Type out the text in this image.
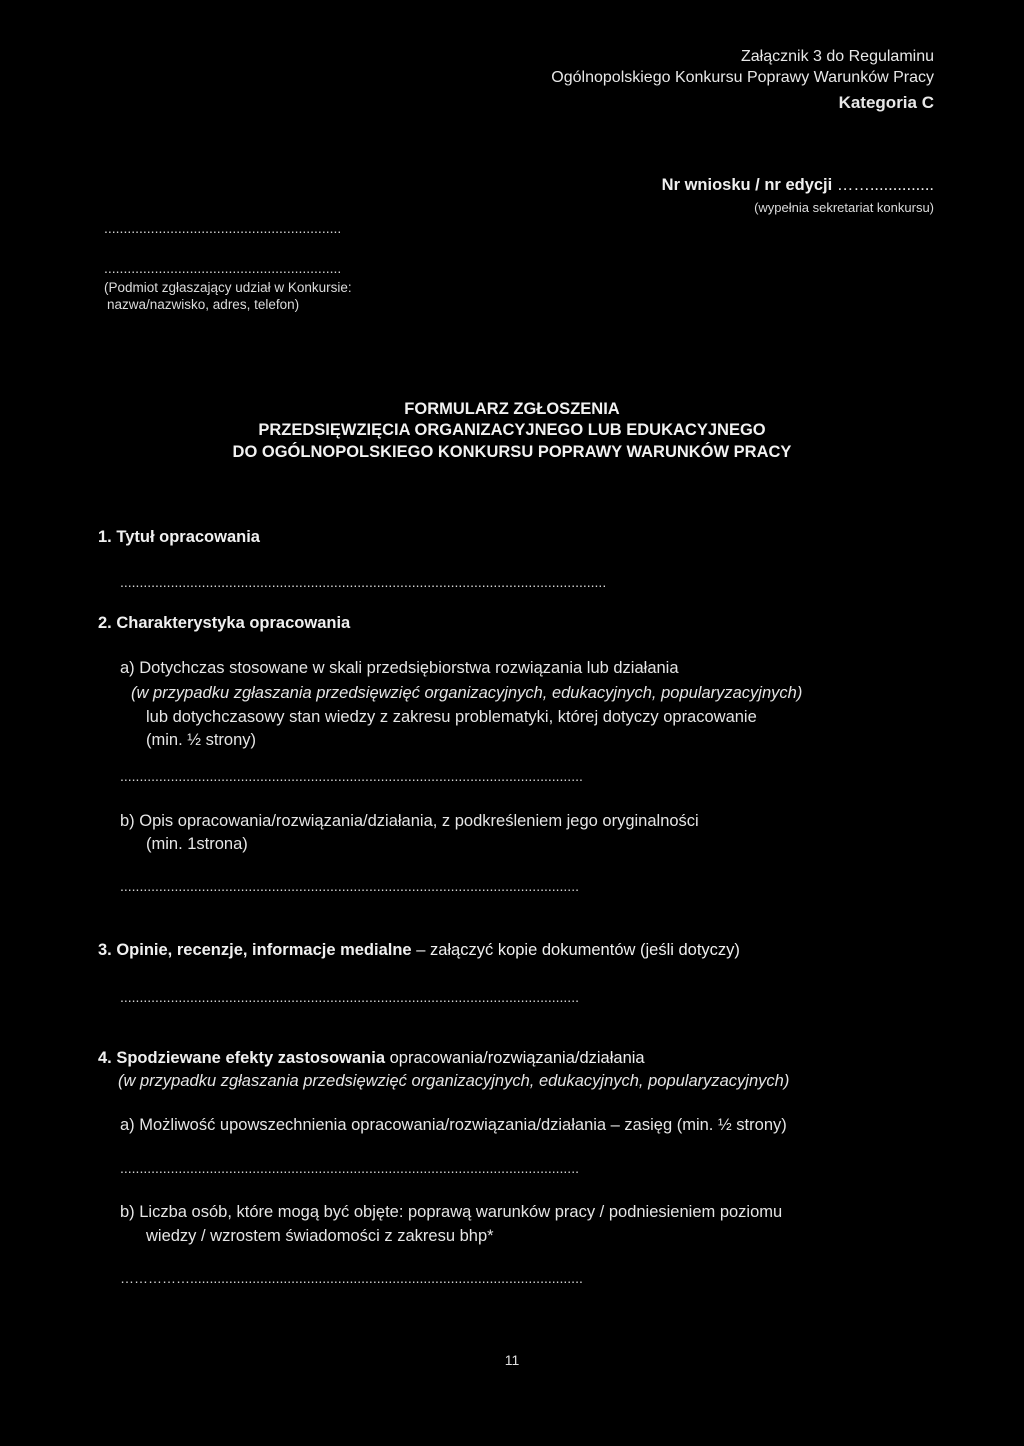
Załącznik 3 do Regulaminu
Ogólnopolskiego Konkursu Poprawy Warunków Pracy
Kategoria C
Nr wniosku / nr edycji ……..............
(wypełnia sekretariat konkursu)
.............................................................
.............................................................
(Podmiot zgłaszający udział w Konkursie:
nazwa/nazwisko, adres, telefon)
FORMULARZ ZGŁOSZENIA
PRZEDSIĘWZIĘCIA ORGANIZACYJNEGO LUB EDUKACYJNEGO
DO OGÓLNOPOLSKIEGO KONKURSU POPRAWY WARUNKÓW PRACY
1. Tytuł opracowania
.............................................................................................................................
2. Charakterystyka opracowania
a) Dotychczas stosowane w skali przedsiębiorstwa rozwiązania lub działania
(w przypadku zgłaszania przedsięwzięć organizacyjnych, edukacyjnych, popularyzacyjnych)
lub dotychczasowy stan wiedzy z zakresu problematyki, której dotyczy opracowanie
(min. ½ strony)
.......................................................................................................................
b) Opis opracowania/rozwiązania/działania, z podkreśleniem jego oryginalności
(min. 1strona)
......................................................................................................................
3. Opinie, recenzje, informacje medialne – załączyć kopie dokumentów (jeśli dotyczy)
......................................................................................................................
4. Spodziewane efekty zastosowania opracowania/rozwiązania/działania
(w przypadku zgłaszania przedsięwzięć organizacyjnych, edukacyjnych, popularyzacyjnych)
a) Możliwość upowszechnienia opracowania/rozwiązania/działania – zasięg (min. ½ strony)
......................................................................................................................
b) Liczba osób, które mogą być objęte: poprawą warunków pracy / podniesieniem poziomu
wiedzy / wzrostem świadomości z zakresu bhp*
…………….....................................................................................................
11
